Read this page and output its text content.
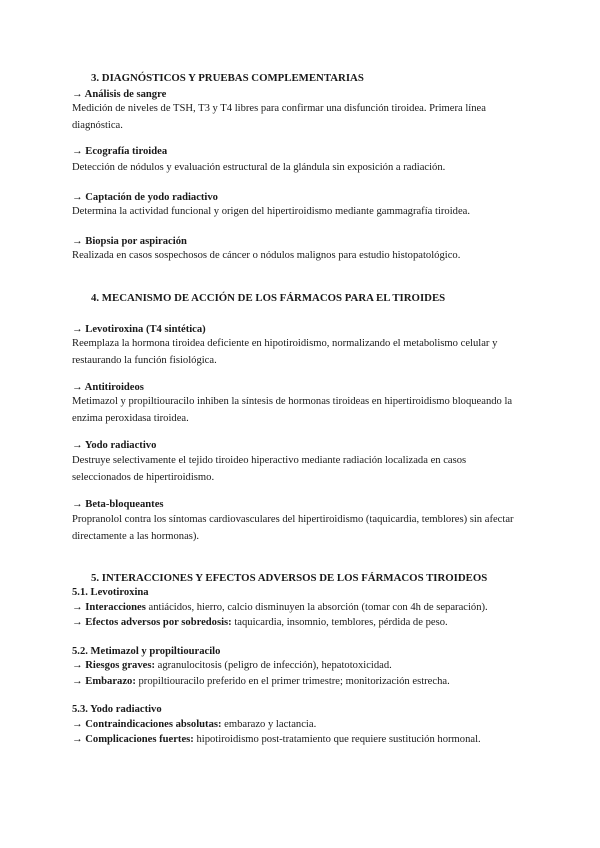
3. DIAGNÓSTICOS Y PRUEBAS COMPLEMENTARIAS
→ Análisis de sangre
Medición de niveles de TSH, T3 y T4 libres para confirmar una disfunción tiroidea. Primera línea diagnóstica.
→ Ecografía tiroidea
Detección de nódulos y evaluación estructural de la glándula sin exposición a radiación.
→ Captación de yodo radiactivo
Determina la actividad funcional y origen del hipertiroidismo mediante gammagrafía tiroidea.
→ Biopsia por aspiración
Realizada en casos sospechosos de cáncer o nódulos malignos para estudio histopatológico.
4. MECANISMO DE ACCIÓN DE LOS FÁRMACOS PARA EL TIROIDES
→ Levotiroxina (T4 sintética)
Reemplaza la hormona tiroidea deficiente en hipotiroidismo, normalizando el metabolismo celular y restaurando la función fisiológica.
→ Antitiroideos
Metimazol y propiltiouracilo inhiben la síntesis de hormonas tiroideas en hipertiroidismo bloqueando la enzima peroxidasa tiroidea.
→ Yodo radiactivo
Destruye selectivamente el tejido tiroideo hiperactivo mediante radiación localizada en casos seleccionados de hipertiroidismo.
→ Beta-bloqueantes
Propranolol contra los síntomas cardiovasculares del hipertiroidismo (taquicardia, temblores) sin afectar directamente a las hormonas).
5. INTERACCIONES Y EFECTOS ADVERSOS DE LOS FÁRMACOS TIROIDEOS
5.1. Levotiroxina
→ Interacciones antiácidos, hierro, calcio disminuyen la absorción (tomar con 4h de separación).
→ Efectos adversos por sobredosis: taquicardia, insomnio, temblores, pérdida de peso.
5.2. Metimazol y propiltiouracilo
→ Riesgos graves: agranulocitosis (peligro de infección), hepatotoxicidad.
→ Embarazo: propiltiouracilo preferido en el primer trimestre; monitorización estrecha.
5.3. Yodo radiactivo
→ Contraindicaciones absolutas: embarazo y lactancia.
→ Complicaciones fuertes: hipotiroidismo post-tratamiento que requiere sustitución hormonal.
